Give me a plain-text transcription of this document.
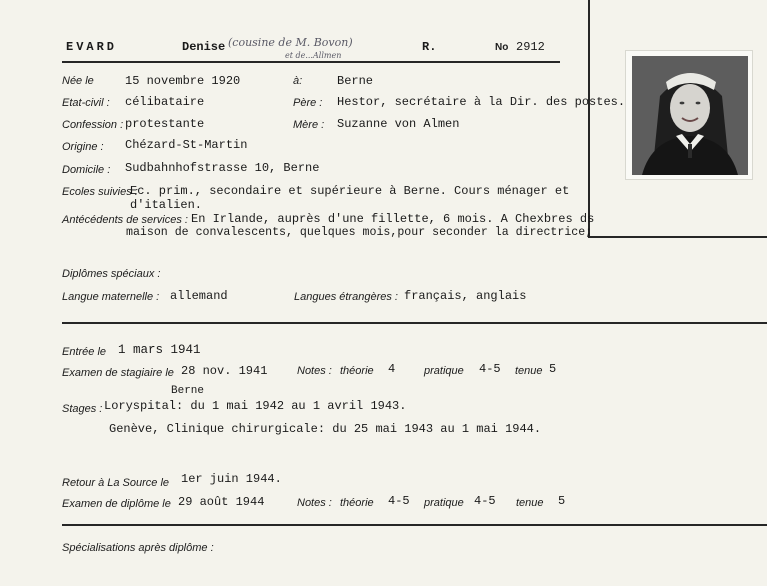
EVARD	Denise (cousine de M. Bovon)
et de...Allmen
R.	No 2912
Née le	15 novembre 1920	à:	Berne
Etat-civil : célibataire	Père : Hestor, secrétaire à la Dir. des postes.
Confession : protestante	Mère : Suzanne von Almen
Origine : Chézard-St-Martin
Domicile : Sudbahnhofstrasse 10, Berne
Ecoles suivies :
Ec. prim., secondaire et supérieure à Berne. Cours ménager et
d'italien.
Antécédents de services : En Irlande, auprès d'une fillette, 6 mois. A Chexbres ds
maison de convalescents, quelques mois,pour seconder la directrice;
Diplômes spéciaux :
Langue maternelle : allemand	Langues étrangères : français, anglais
Entrée le 1 mars 1941
Examen de stagiaire le 28 nov. 1941	Notes : théorie 4	pratique 4-5 tenue 5
Berne
Stages : Loryspital: du 1 mai 1942 au 1 avril 1943.
Genève, Clinique chirurgicale: du 25 mai 1943 au 1 mai 1944.
Retour à La Source le 1er juin 1944.
Examen de diplôme le 29 août 1944	Notes : théorie 4-5 pratique 4-5 tenue 5
Spécialisations après diplôme :
